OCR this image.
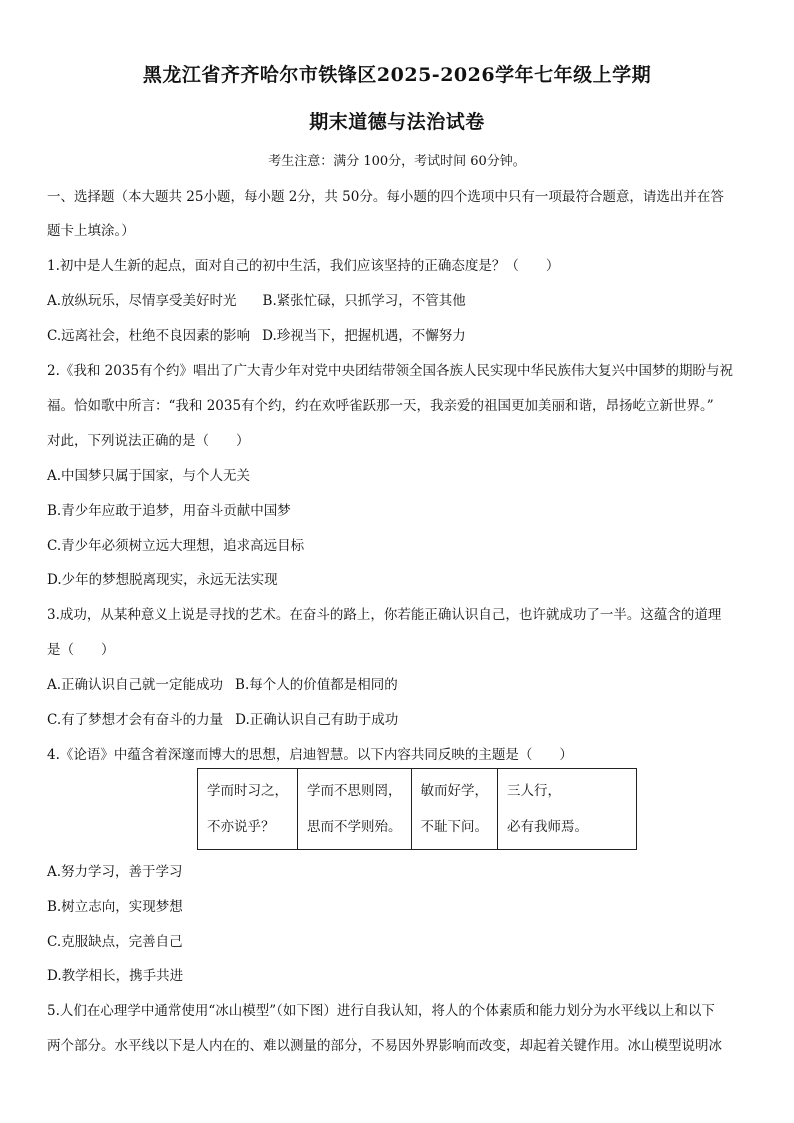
黑龙江省齐齐哈尔市铁锋区2025-2026学年七年级上学期
期末道德与法治试卷
考生注意：满分 100分，考试时间 60分钟。
一、选择题（本大题共 25小题，每小题 2分，共 50分。每小题的四个选项中只有一项最符合题意，请选出并在答
题卡上填涂。）
1.初中是人生新的起点，面对自己的初中生活，我们应该坚持的正确态度是？（　　）
A.放纵玩乐，尽情享受美好时光 B.紧张忙碌，只抓学习，不管其他
C.远离社会，杜绝不良因素的影响 D.珍视当下，把握机遇，不懈努力
2.《我和 2035有个约》唱出了广大青少年对党中央团结带领全国各族人民实现中华民族伟大复兴中国梦的期盼与祝
福。恰如歌中所言：“我和 2035有个约，约在欢呼雀跃那一天，我亲爱的祖国更加美丽和谐，昂扬屹立新世界。”
对此，下列说法正确的是（　　）
A.中国梦只属于国家，与个人无关
B.青少年应敢于追梦，用奋斗贡献中国梦
C.青少年必须树立远大理想，追求高远目标
D.少年的梦想脱离现实，永远无法实现
3.成功，从某种意义上说是寻找的艺术。在奋斗的路上，你若能正确认识自己，也许就成功了一半。这蕴含的道理
是（　　）
A.正确认识自己就一定能成功 B.每个人的价值都是相同的
C.有了梦想才会有奋斗的力量 D.正确认识自己有助于成功
4.《论语》中蕴含着深邃而博大的思想，启迪智慧。以下内容共同反映的主题是（　　）
学而时习之，
不亦说乎？

学而不思则罔，
思而不学则殆。

敏而好学，
不耻下问。

三人行，
必有我师焉。
A.努力学习，善于学习
B.树立志向，实现梦想
C.克服缺点，完善自己
D.教学相长，携手共进
5.人们在心理学中通常使用“冰山模型”（如下图）进行自我认知，将人的个体素质和能力划分为水平线以上和以下
两个部分。水平线以下是人内在的、难以测量的部分，不易因外界影响而改变，却起着关键作用。冰山模型说明冰
